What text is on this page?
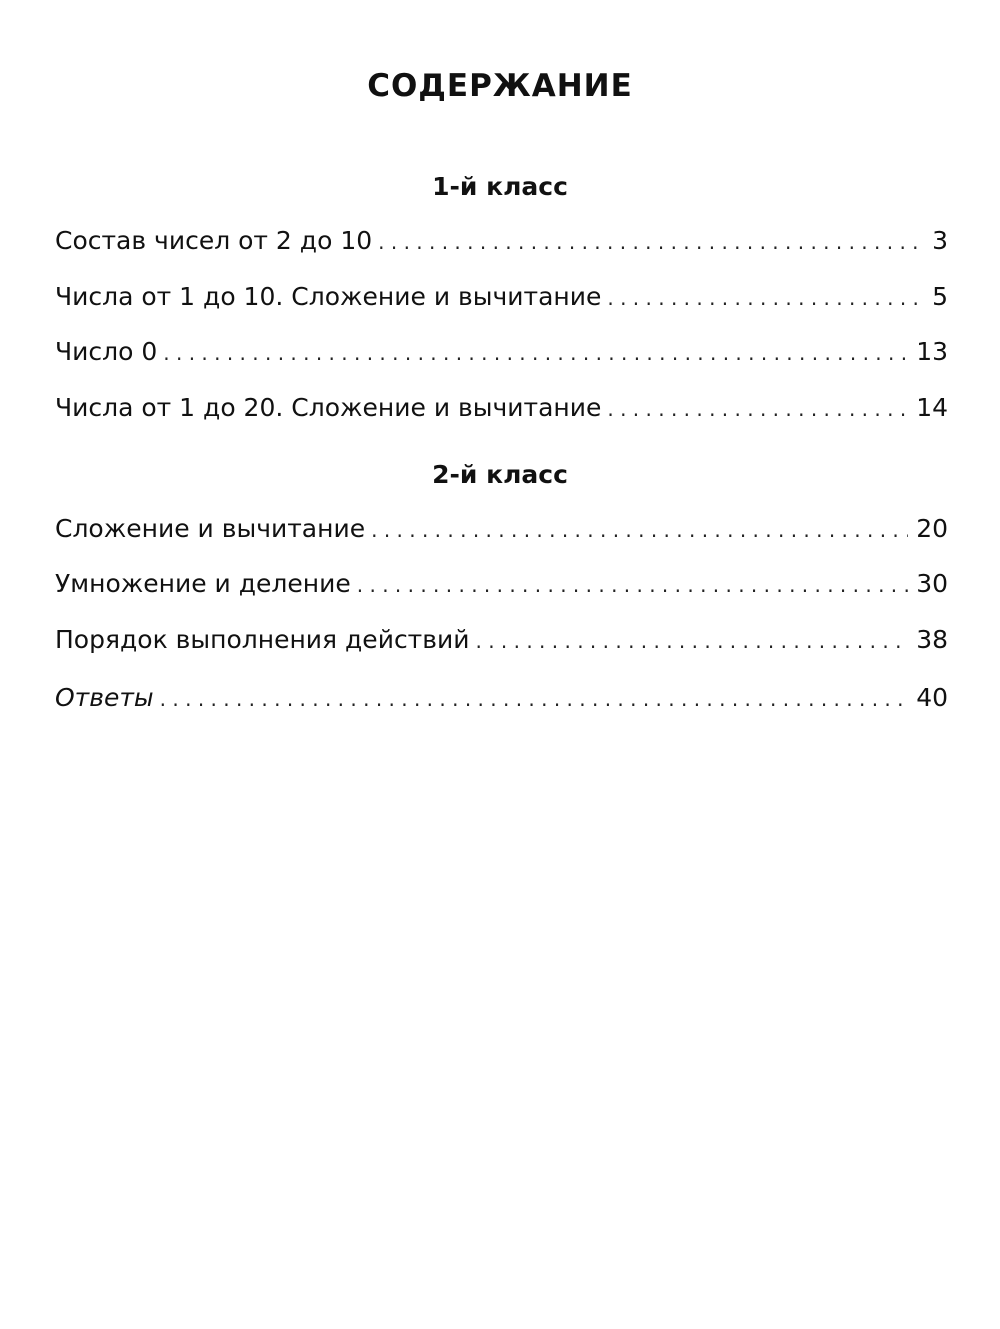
СОДЕРЖАНИЕ
1-й класс
Состав чисел от 2 до 10 . . .	3
Числа от 1 до 10. Сложение и вычитание . . .	5
Число 0 . . .	13
Числа от 1 до 20. Сложение и вычитание . . .	14
2-й класс
Сложение и вычитание . . .	20
Умножение и деление . . .	30
Порядок выполнения действий . . .	38
Ответы . . .	40
